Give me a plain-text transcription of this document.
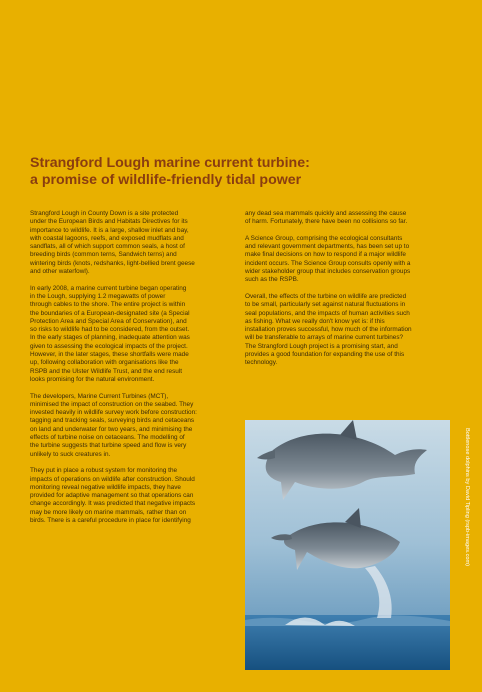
Strangford Lough marine current turbine:
a promise of wildlife-friendly tidal power

Strangford Lough in County Down is a site protected
under the European Birds and Habitats Directives for its
importance to wildlife. It is a large, shallow inlet and bay,
with coastal lagoons, reefs, and exposed mudflats and
sandflats, all of which support common seals, a host of
breeding birds (common terns, Sandwich terns) and
wintering birds (knots, redshanks, light-bellied brent geese
and other waterfowl).

In early 2008, a marine current turbine began operating
in the Lough, supplying 1.2 megawatts of power
through cables to the shore. The entire project is within
the boundaries of a European-designated site (a Special
Protection Area and Special Area of Conservation), and
so risks to wildlife had to be considered, from the outset.
In the early stages of planning, inadequate attention was
given to assessing the ecological impacts of the project.
However, in the later stages, these shortfalls were made
up, following collaboration with organisations like the
RSPB and the Ulster Wildlife Trust, and the end result
looks promising for the natural environment.

The developers, Marine Current Turbines (MCT),
minimised the impact of construction on the seabed. They
invested heavily in wildlife survey work before construction:
tagging and tracking seals, surveying birds and cetaceans
on land and underwater for two years, and minimising the
effects of turbine noise on cetaceans. The modelling of
the turbine suggests that turbine speed and flow is very
unlikely to suck creatures in.

They put in place a robust system for monitoring the
impacts of operations on wildlife after construction. Should
monitoring reveal negative wildlife impacts, they have
provided for adaptive management so that operations can
change accordingly. It was predicted that negative impacts
may be more likely on marine mammals, rather than on
birds. There is a careful procedure in place for identifying

any dead sea mammals quickly and assessing the cause
of harm. Fortunately, there have been no collisions so far.

A Science Group, comprising the ecological consultants
and relevant government departments, has been set up to
make final decisions on how to respond if a major wildlife
incident occurs. The Science Group consults openly with a
wider stakeholder group that includes conservation groups
such as the RSPB.

Overall, the effects of the turbine on wildlife are predicted
to be small, particularly set against natural fluctuations in
seal populations, and the impacts of human activities such
as fishing. What we really don't know yet is: if this
installation proves successful, how much of the information
will be transferable to arrays of marine current turbines?
The Strangford Lough project is a promising start, and
provides a good foundation for expanding the use of this
technology.

Bottlenose dolphins by David Tipling (rspb-images.com)
